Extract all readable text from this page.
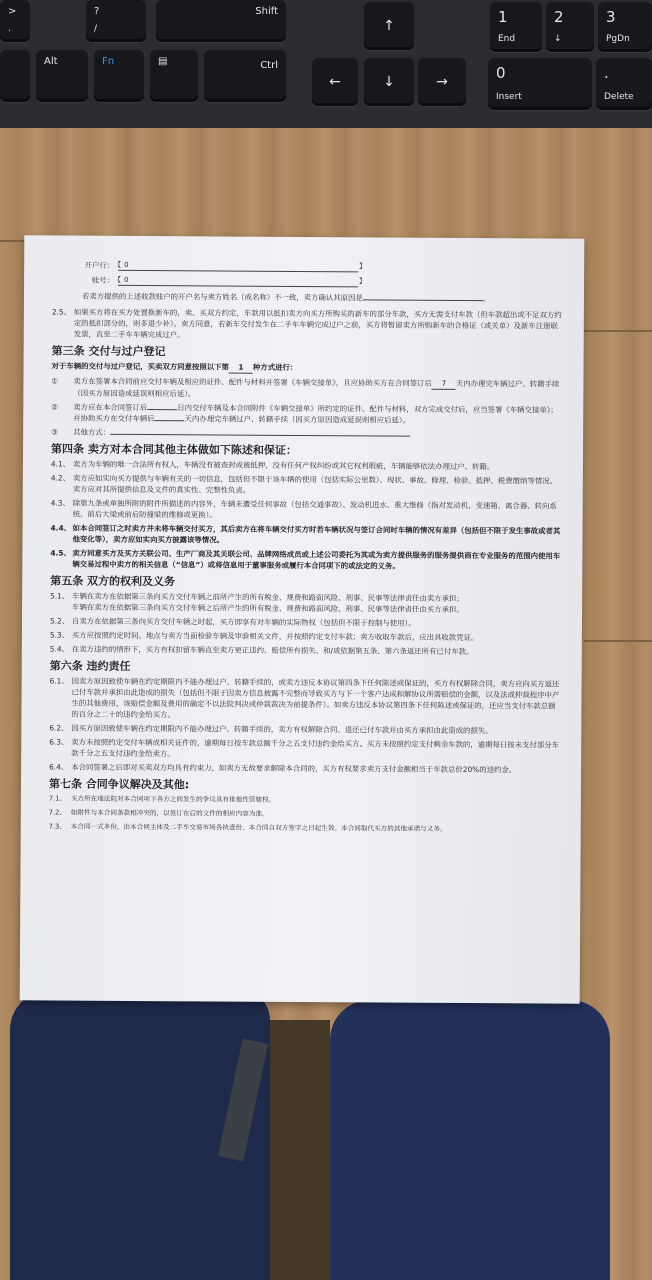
>
.
?
/
Shift
↑	1
End
2
↓
3
PgDn
Alt	Fn	▤	Ctrl
←	↓	→	0
Insert
.
Delete
开户行： 【 0	】
账号： 【 0	】
若卖方提供的上述收款账户的开户名与卖方姓名（或名称）不一致，卖方确认其原因是	。
2.5、 如果买方将在买方处置换新车的，卖、买双方约定，车款用以抵扣卖方向买方所购买的新车的部分车款，买方无需支付车款（但车款超出或不足双方约定的抵扣部分的，则多退少补）。卖方同意，若新车交付发生在二手车车辆完成过户之前，买方将暂留卖方所购新车的合格证（或关单）及新车注册联发票，直至二手车车辆完成过户。
第三条 交付与过户登记
对于车辆的交付与过户登记，买卖双方同意按照以下第 1 种方式进行：
①	卖方在签署本合同前应交付车辆及相应的证件、配件与材料并签署《车辆交接单》，且应协助买方在合同签订后 7 天内办理完车辆过户、转籍手续（因买方原因造成延误则相应后延）。
②	卖方应在本合同签订后	日内交付车辆及本合同附件《车辆交接单》所约定的证件、配件与材料，双方完成交付后，应当签署《车辆交接单》；并协助买方在交付车辆后	天内办理完车辆过户、转籍手续（因买方原因造成延误则相应后延）。
③	其他方式：
第四条 卖方对本合同其他主体做如下陈述和保证：
4.1、 卖方为车辆的唯一合法所有权人，车辆没有被查封或被抵押，没有任何产权纠纷或其它权利瑕疵，车辆能够依法办理过户、转籍。
4.2、 卖方应如实向买方提供与车辆有关的一切信息，包括但不限于该车辆的使用（包括实际公里数）、现状、事故、修理、检验、抵押、税费缴纳等情况。卖方应对其所提供信息及文件的真实性、完整性负责。
4.3、 除第九条或单独所附的附件所描述的内容外，车辆未遭受任何事故（包括交通事故）、发动机进水、重大维修（指对发动机、变速箱、离合器、转向系统、前后大梁或前后防撞梁的维修或更换）。
4.4、 如本合同签订之时卖方并未将车辆交付买方，其后卖方在将车辆交付买方时若车辆状况与签订合同时车辆的情况有差异（包括但不限于发生事故或者其他变化等），卖方应如实向买方披露该等情况。
4.5、 卖方同意买方及买方关联公司、生产厂商及其关联公司、品牌网络成员或上述公司委托为其或为卖方提供服务的服务提供商在专业服务的范围内使用车辆交易过程中卖方的相关信息（“信息”）或将信息用于董事服务或履行本合同项下的或法定的义务。
第五条 双方的权利及义务
5.1、 车辆在卖方在依据第三条向买方交付车辆之前所产生的所有税金、规费和路面风险、刑事、民事等法律责任由卖方承担；
车辆在卖方在依据第三条向买方交付车辆之后所产生的所有税金、规费和路面风险、刑事、民事等法律责任由买方承担。
5.2、 自卖方在依据第三条向买方交付车辆之时起，买方即享有对车辆的实际物权（包括但不限于控制与使用）。
5.3、 买方应按照约定时间、地点与卖方当面检验车辆及审验相关文件，并按照约定支付车款；卖方收取车款后，应出具收款凭证。
5.4、 在卖方违约的情形下，买方有权扣留车辆直至卖方更正违约、赔偿所有损失、和/或依据第五条、第六条返还所有已付车款。
第六条 违约责任
6.1、 因卖方原因致使车辆在约定期限内不能办理过户、转籍手续的，或卖方违反本协议第四条下任何陈述或保证的，买方有权解除合同，卖方应向买方返还已付车款并承担由此造成的损失（包括但不限于因卖方信息披露不完整而导致买方与下一个客户达成和解协议所需赔偿的金额，以及法或仲裁程序中产生的其他费用，该赔偿金额及费用的确定不以法院判决或仲裁裁决为前提条件）。如卖方违反本协议第四条下任何陈述或保证的，还应当支付车款总额的百分之二十的违约金给买方。
6.2、 因买方原因致使车辆在约定期限内不能办理过户、转籍手续的，卖方有权解除合同、退还已付车款并由买方承担由此造成的损失。
6.3、 卖方未按照约定交付车辆或相关证件的，逾期每日按车款总额千分之五支付违约金给买方。买方未按照约定支付剩余车款的，逾期每日按未支付部分车款千分之五支付违约金给卖方。
6.4、 本合同签署之后即对买卖双方均具有约束力，如卖方无故要求解除本合同的，买方有权要求卖方支付金额相当于车款总价20%的违约金。
第七条 合同争议解决及其他:
7.1、 买方所在地法院对本合同项下各方之间发生的争议具有排他性管辖权。
7.2、 如附件与本合同条款相冲突的，以签订在后的文件的相应内容为准。
7.3、 本合同一式多份，由本合同主体及二手车交易市场各执壹份。本合同自双方签字之日起生效。本合同取代买方的其他承诺与义务。
